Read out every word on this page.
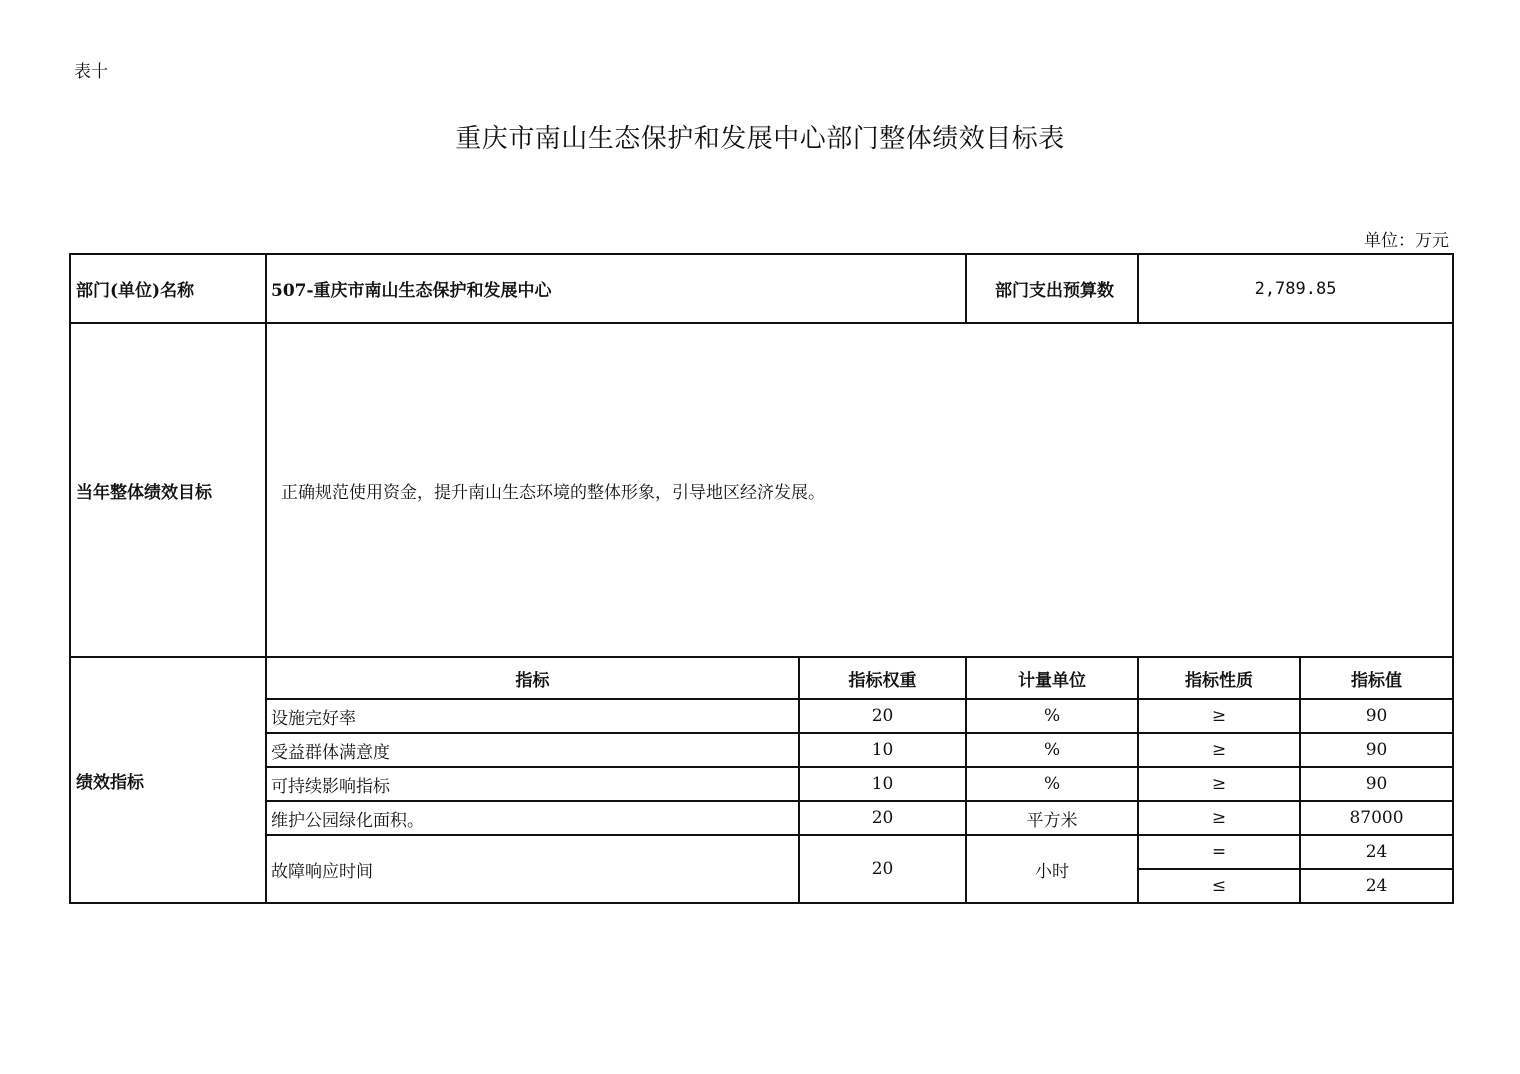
表十
重庆市南山生态保护和发展中心部门整体绩效目标表
单位：万元
部门(单位)名称	507-重庆市南山生态保护和发展中心		部门支出预算数	2,789.85	
当年整体绩效目标	正确规范使用资金，提升南山生态环境的整体形象，引导地区经济发展。				
绩效指标	指标	指标权重	计量单位	指标性质	指标值
	设施完好率	20	%	≥	90
	受益群体满意度	10	%	≥	90
	可持续影响指标	10	%	≥	90
	维护公园绿化面积。	20	平方米	≥	87000
	故障响应时间	20	小时	=	24
				≤	24
